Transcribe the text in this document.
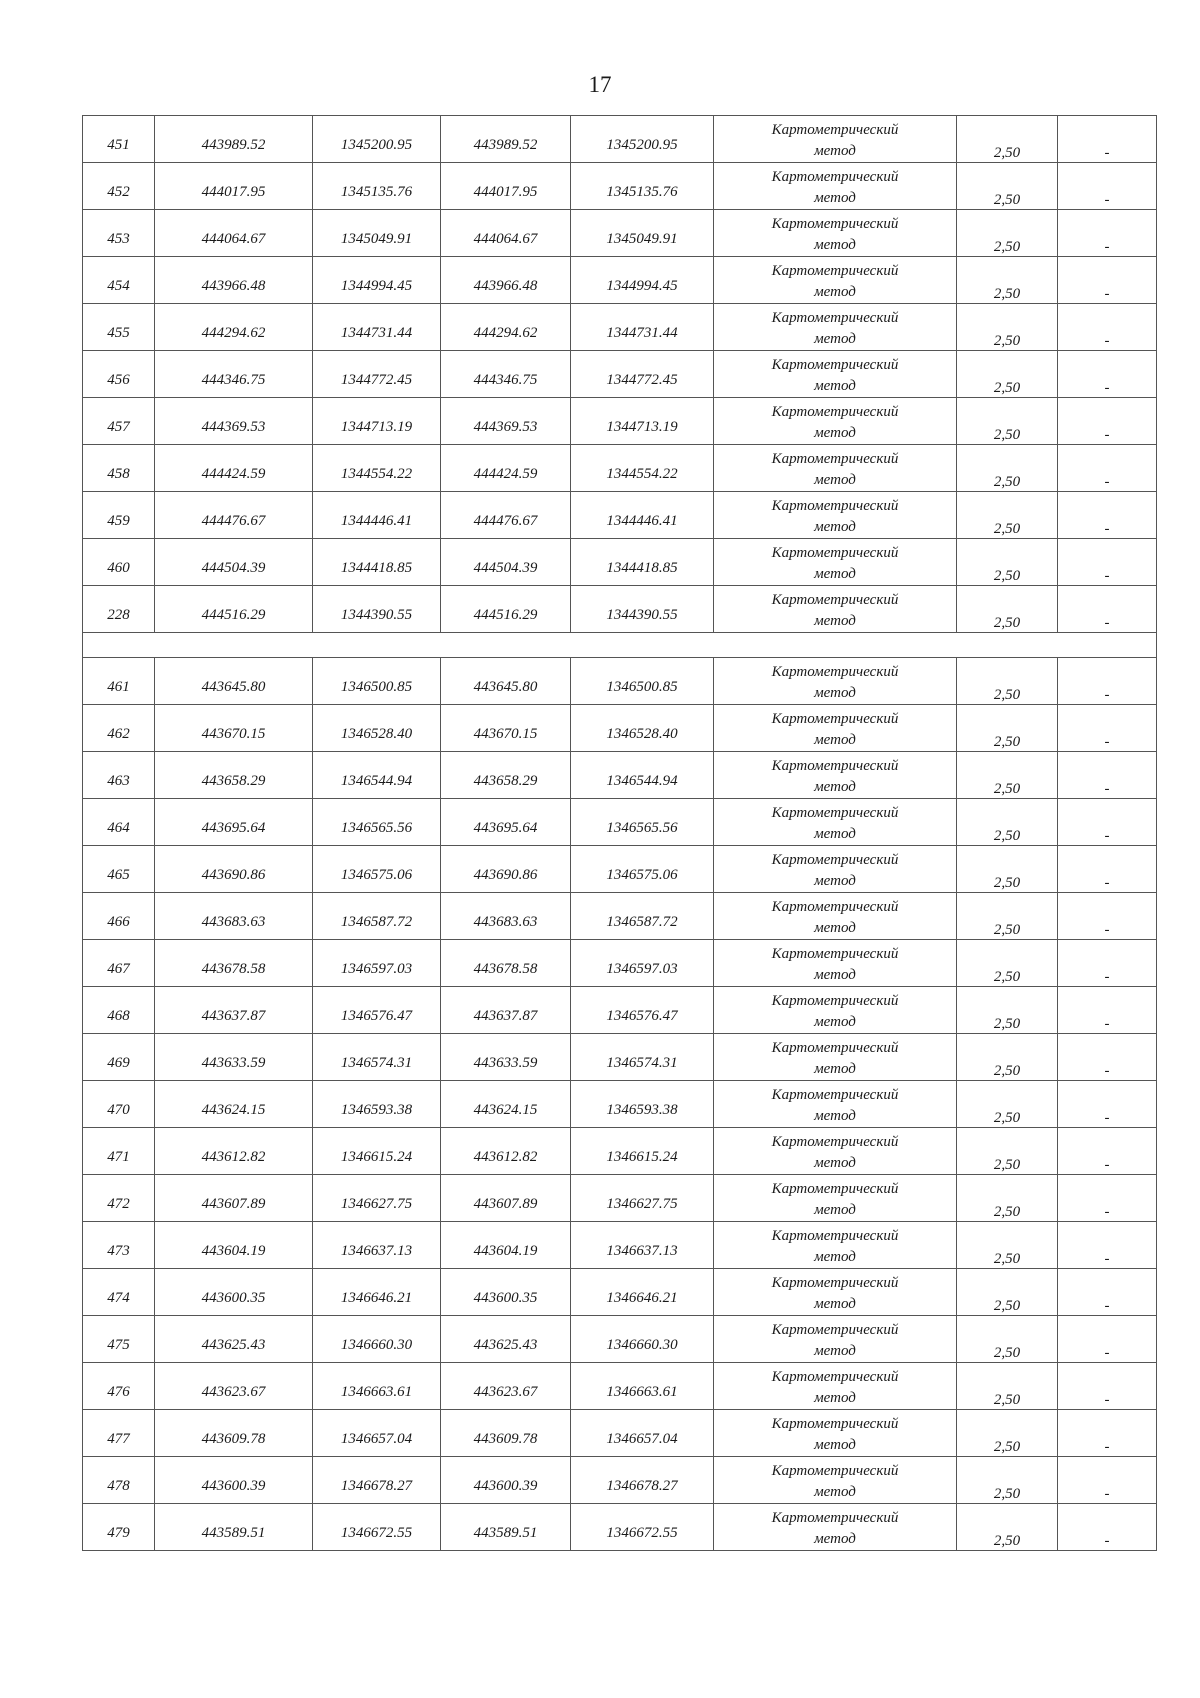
17
451	443989.52	1345200.95	443989.52	1345200.95	Картометрический метод	2,50	-

452	444017.95	1345135.76	444017.95	1345135.76	Картометрический метод	2,50	-

453	444064.67	1345049.91	444064.67	1345049.91	Картометрический метод	2,50	-

454	443966.48	1344994.45	443966.48	1344994.45	Картометрический метод	2,50	-

455	444294.62	1344731.44	444294.62	1344731.44	Картометрический метод	2,50	-

456	444346.75	1344772.45	444346.75	1344772.45	Картометрический метод	2,50	-

457	444369.53	1344713.19	444369.53	1344713.19	Картометрический метод	2,50	-

458	444424.59	1344554.22	444424.59	1344554.22	Картометрический метод	2,50	-

459	444476.67	1344446.41	444476.67	1344446.41	Картометрический метод	2,50	-

460	444504.39	1344418.85	444504.39	1344418.85	Картометрический метод	2,50	-

228	444516.29	1344390.55	444516.29	1344390.55	Картометрический метод	2,50	-

461	443645.80	1346500.85	443645.80	1346500.85	Картометрический метод	2,50	-

462	443670.15	1346528.40	443670.15	1346528.40	Картометрический метод	2,50	-

463	443658.29	1346544.94	443658.29	1346544.94	Картометрический метод	2,50	-

464	443695.64	1346565.56	443695.64	1346565.56	Картометрический метод	2,50	-

465	443690.86	1346575.06	443690.86	1346575.06	Картометрический метод	2,50	-

466	443683.63	1346587.72	443683.63	1346587.72	Картометрический метод	2,50	-

467	443678.58	1346597.03	443678.58	1346597.03	Картометрический метод	2,50	-

468	443637.87	1346576.47	443637.87	1346576.47	Картометрический метод	2,50	-

469	443633.59	1346574.31	443633.59	1346574.31	Картометрический метод	2,50	-

470	443624.15	1346593.38	443624.15	1346593.38	Картометрический метод	2,50	-

471	443612.82	1346615.24	443612.82	1346615.24	Картометрический метод	2,50	-

472	443607.89	1346627.75	443607.89	1346627.75	Картометрический метод	2,50	-

473	443604.19	1346637.13	443604.19	1346637.13	Картометрический метод	2,50	-

474	443600.35	1346646.21	443600.35	1346646.21	Картометрический метод	2,50	-

475	443625.43	1346660.30	443625.43	1346660.30	Картометрический метод	2,50	-

476	443623.67	1346663.61	443623.67	1346663.61	Картометрический метод	2,50	-

477	443609.78	1346657.04	443609.78	1346657.04	Картометрический метод	2,50	-

478	443600.39	1346678.27	443600.39	1346678.27	Картометрический метод	2,50	-

479	443589.51	1346672.55	443589.51	1346672.55	Картометрический метод	2,50	-
